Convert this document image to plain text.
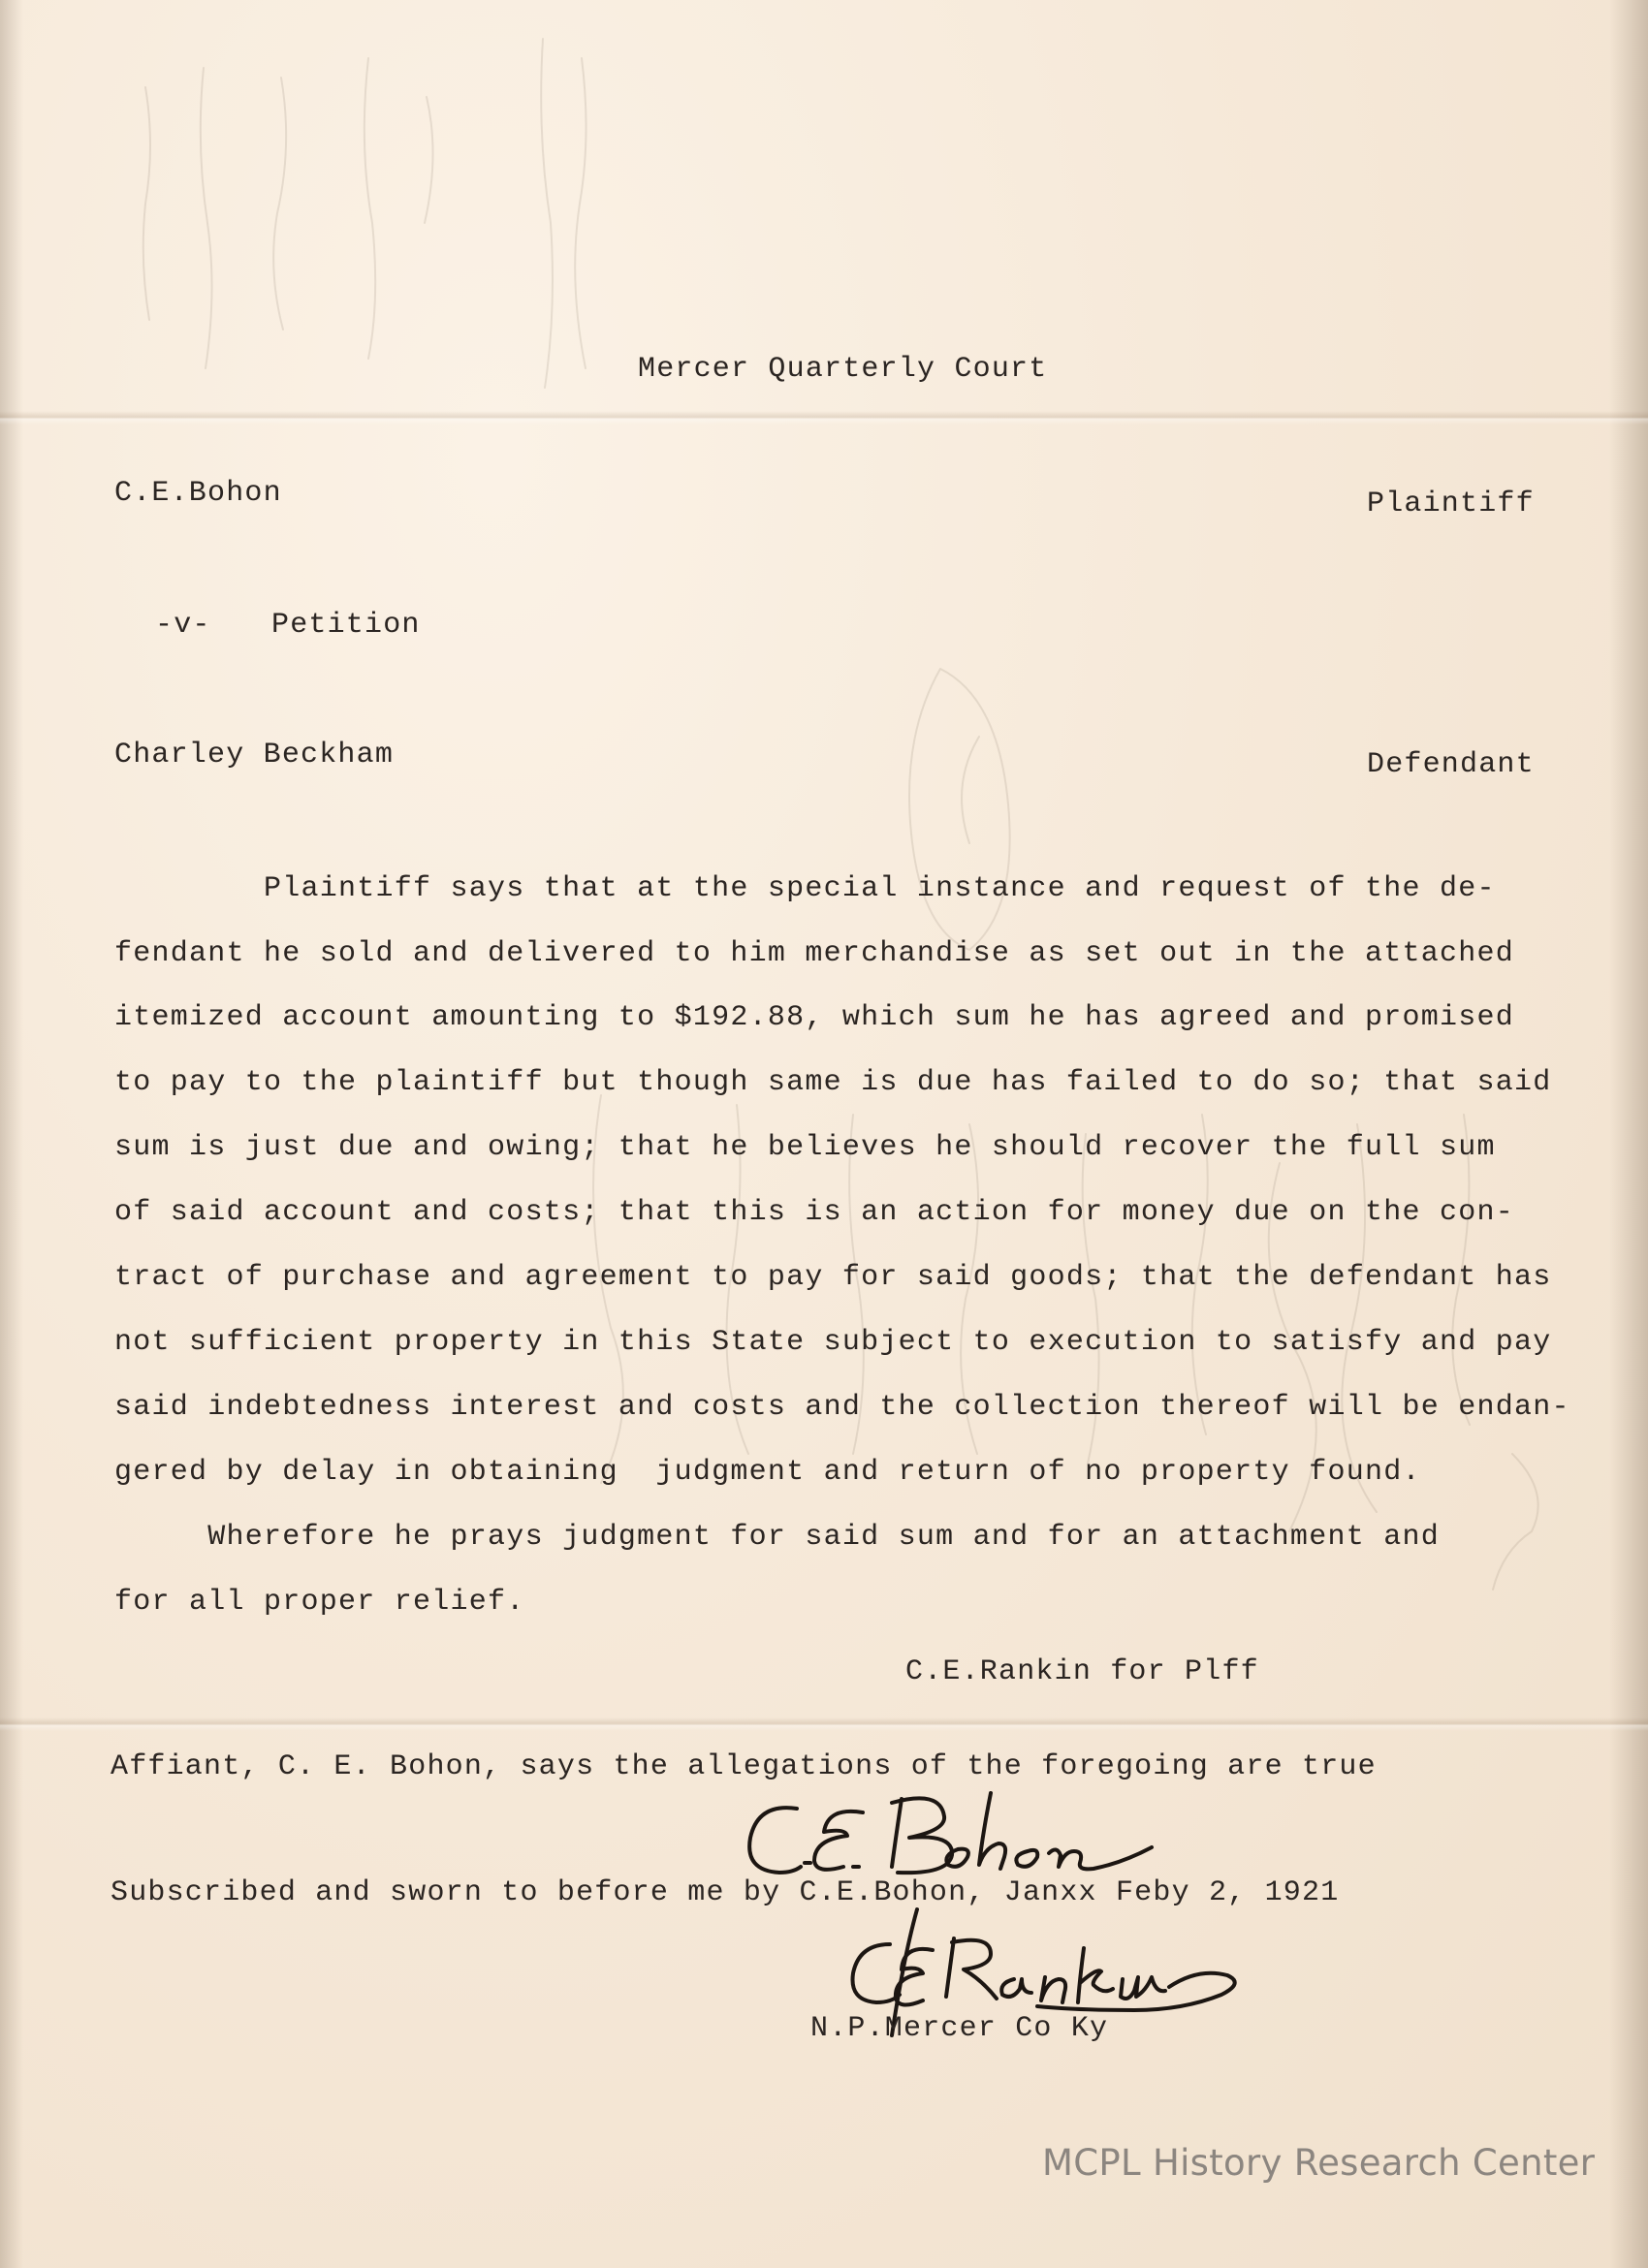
Mercer Quarterly Court
C.E.Bohon	Plaintiff
-v- Petition
Charley Beckham	Defendant
Plaintiff says that at the special instance and request of the de-
fendant he sold and delivered to him merchandise as set out in the attached
itemized account amounting to $192.88, which sum he has agreed and promised
to pay to the plaintiff but though same is due has failed to do so; that said
sum is just due and owing; that he believes he should recover the full sum
of said account and costs; that this is an action for money due on the con-
tract of purchase and agreement to pay for said goods; that the defendant has
not sufficient property in this State subject to execution to satisfy and pay
said indebtedness interest and costs and the collection thereof will be endan-
gered by delay in obtaining  judgment and return of no property found.
Wherefore he prays judgment for said sum and for an attachment and
for all proper relief.
C.E.Rankin for Plff
Affiant, C. E. Bohon, says the allegations of the foregoing are true
Subscribed and sworn to before me by C.E.Bohon, Janxx Feby 2, 1921
N.P.Mercer Co Ky
MCPL History Research Center
